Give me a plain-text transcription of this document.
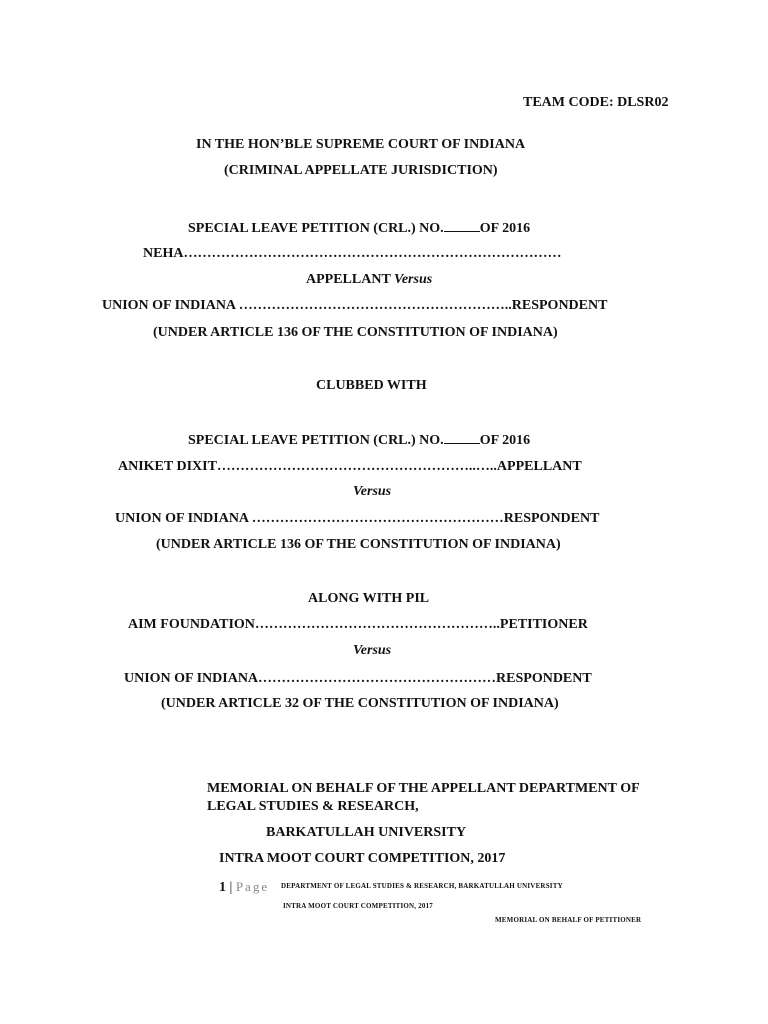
TEAM CODE: DLSR02
IN THE HON’BLE SUPREME COURT OF INDIANA
(CRIMINAL APPELLATE JURISDICTION)
SPECIAL LEAVE PETITION (CRL.) NO.	OF 2016
NEHA………………………………………………………………………
APPELLANT Versus
UNION OF INDIANA …………………………………………………..RESPONDENT
(UNDER ARTICLE 136 OF THE CONSTITUTION OF INDIANA)
CLUBBED WITH
SPECIAL LEAVE PETITION (CRL.) NO.	OF 2016
ANIKET DIXIT………………………………………………..…..APPELLANT
Versus
UNION OF INDIANA ………………………………………………RESPONDENT
(UNDER ARTICLE 136 OF THE CONSTITUTION OF INDIANA)
ALONG WITH PIL
AIM FOUNDATION……………………………………………..PETITIONER
Versus
UNION OF INDIANA……………………………………………RESPONDENT
(UNDER ARTICLE 32 OF THE CONSTITUTION OF INDIANA)
MEMORIAL ON BEHALF OF THE APPELLANT DEPARTMENT OF
LEGAL STUDIES & RESEARCH,
BARKATULLAH UNIVERSITY
INTRA MOOT COURT COMPETITION, 2017
1 | Page DEPARTMENT OF LEGAL STUDIES & RESEARCH, BARKATULLAH UNIVERSITY
INTRA MOOT COURT COMPETITION, 2017
MEMORIAL ON BEHALF OF PETITIONER
